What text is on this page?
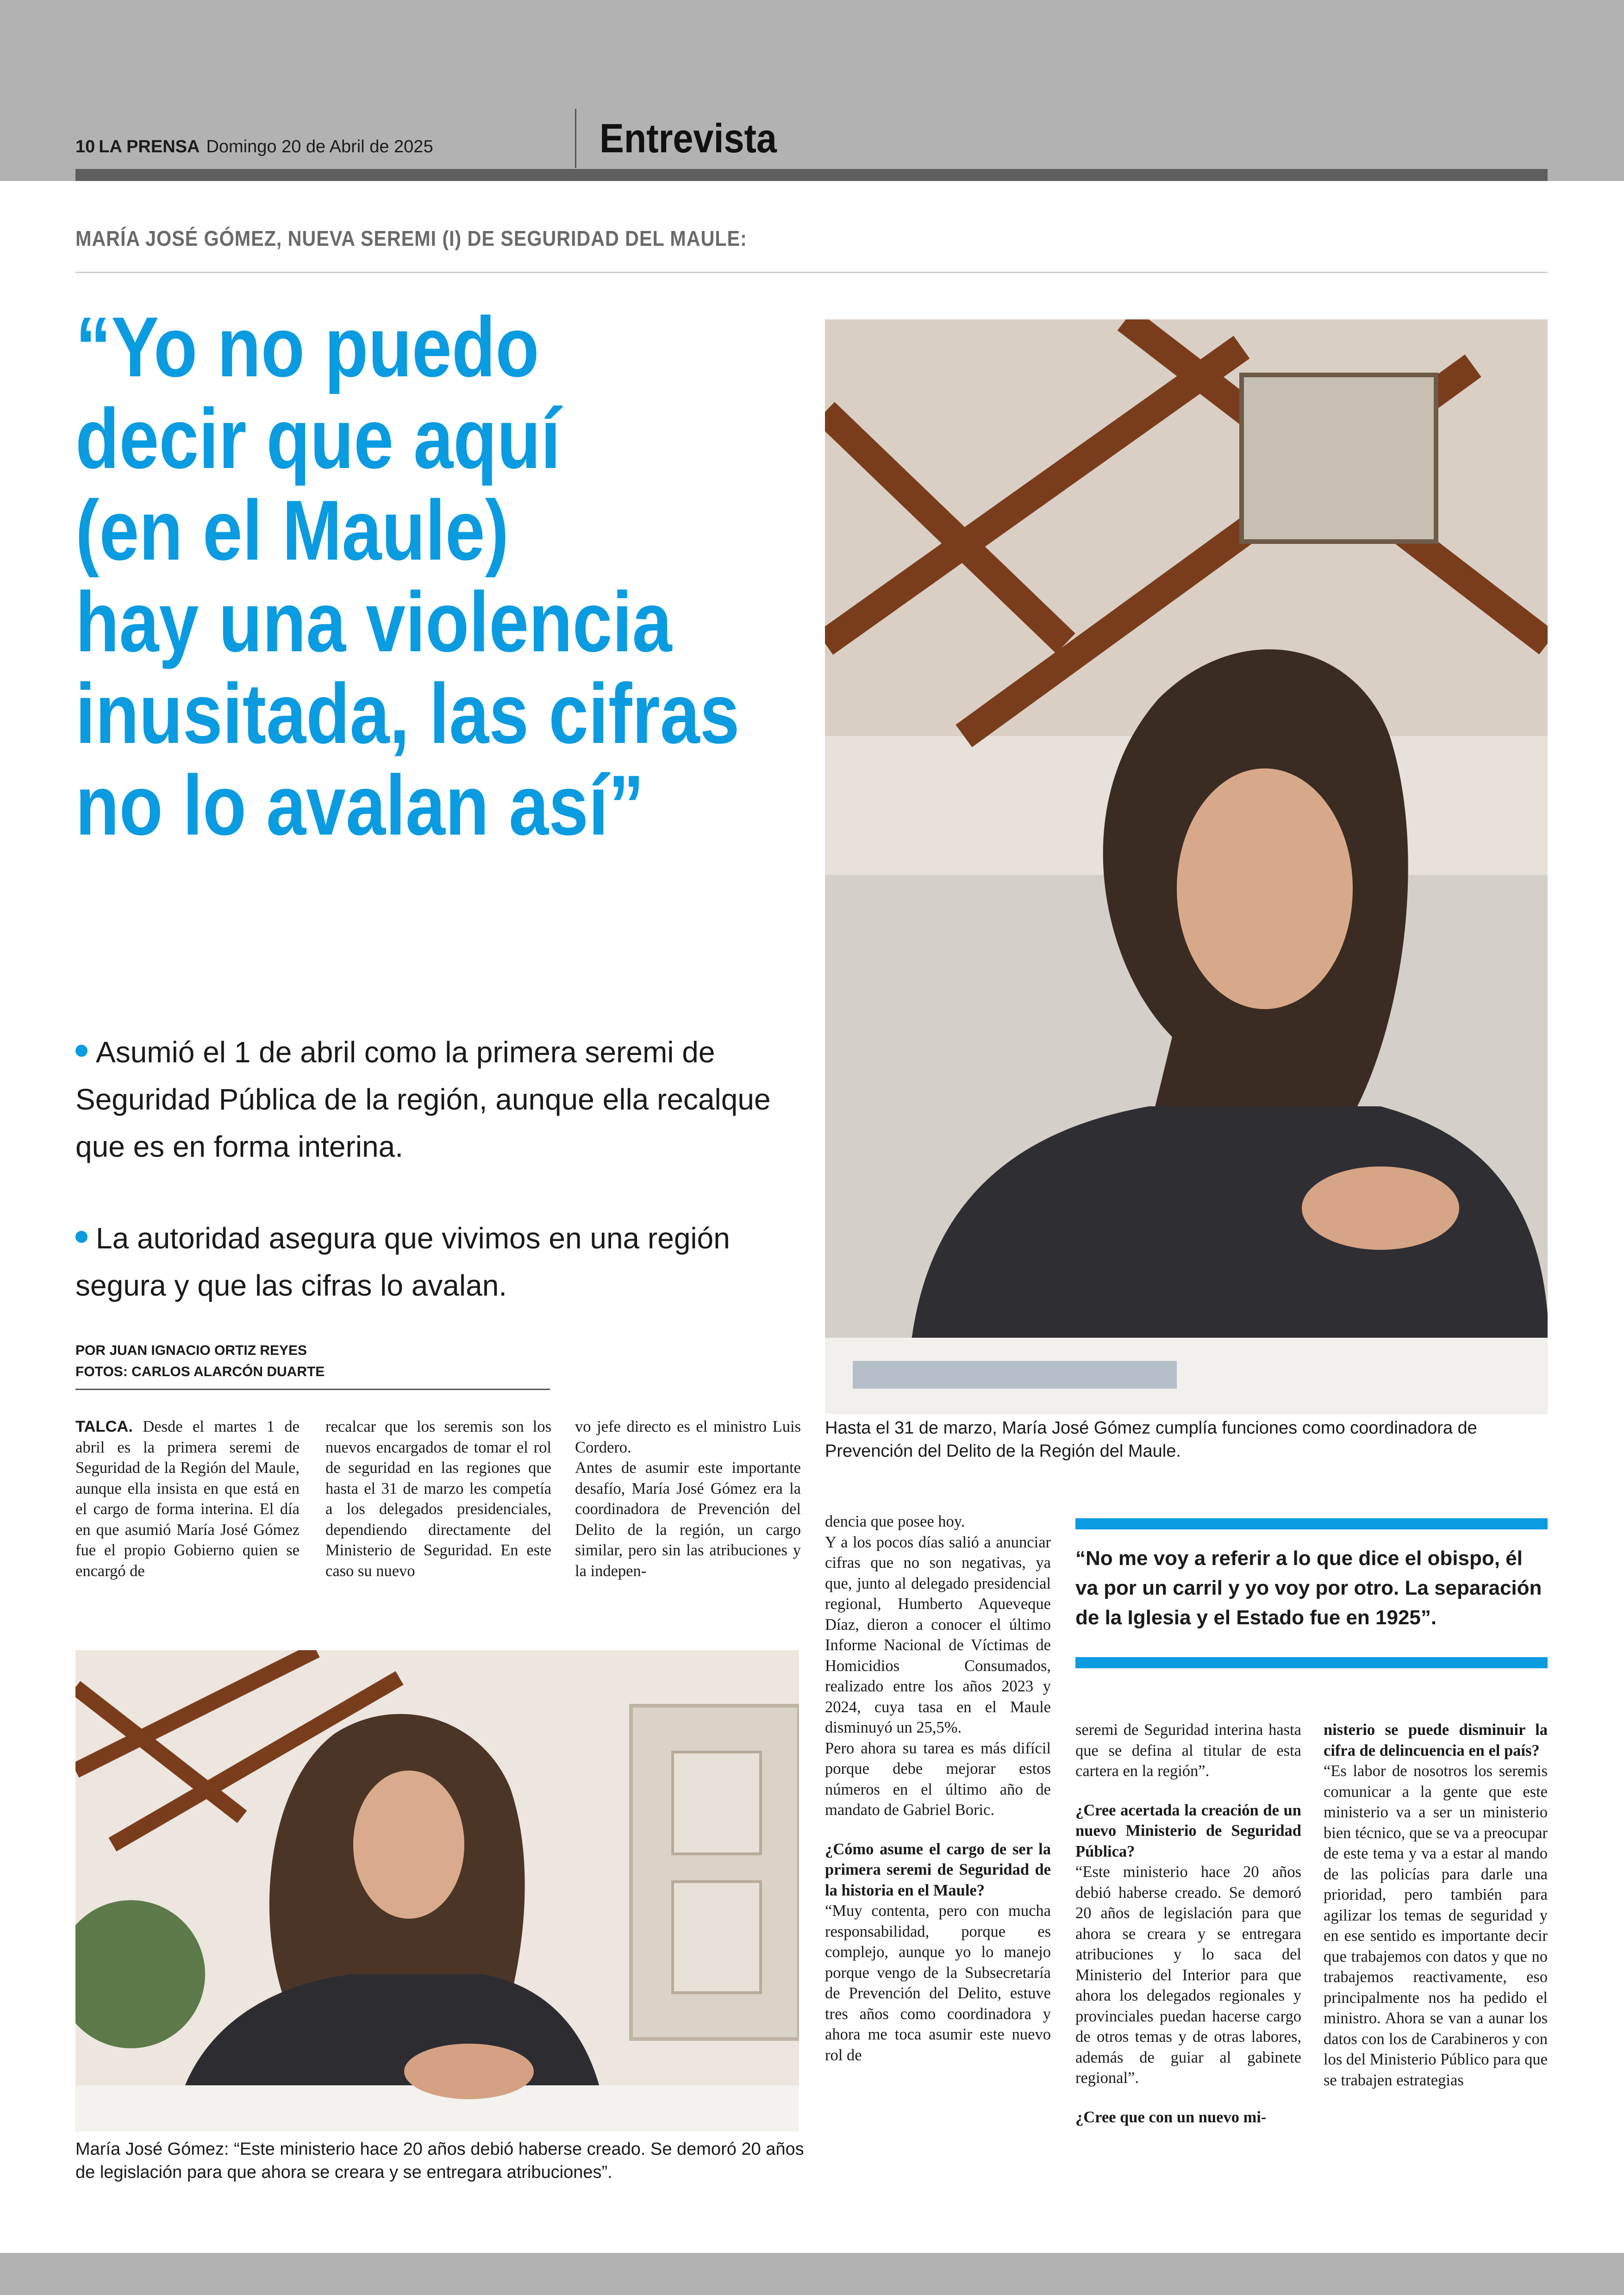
10 LA PRENSA Domingo 20 de Abril de 2025	Entrevista
MARÍA JOSÉ GÓMEZ, NUEVA SEREMI (I) DE SEGURIDAD DEL MAULE:
“Yo no puedo
decir que aquí
(en el Maule)
hay una violencia
inusitada, las cifras
no lo avalan así”

Asumió el 1 de abril como la primera seremi de Seguridad Pública de la región, aunque ella recalque que es en forma interina.

La autoridad asegura que vivimos en una región segura y que las cifras lo avalan.

POR JUAN IGNACIO ORTIZ REYES
FOTOS: CARLOS ALARCÓN DUARTE
Hasta el 31 de marzo, María José Gómez cumplía funciones como coordinadora de Prevención del Delito de la Región del Maule.

TALCA. Desde el martes 1 de abril es la primera seremi de Seguridad de la Región del Maule, aunque ella insista en que está en el cargo de forma interina. El día en que asumió María José Gómez fue el propio Gobierno quien se encargó de

recalcar que los seremis son los nuevos encargados de tomar el rol de seguridad en las regiones que hasta el 31 de marzo les competía a los delegados presidenciales, dependiendo directamente del Ministerio de Seguridad. En este caso su nuevo

vo jefe directo es el ministro Luis Cordero.

Antes de asumir este importante desafío, María José Gómez era la coordinadora de Prevención del Delito de la región, un cargo similar, pero sin las atribuciones y la indepen-

dencia que posee hoy.

Y a los pocos días salió a anunciar cifras que no son negativas, ya que, junto al delegado presidencial regional, Humberto Aqueveque Díaz, dieron a conocer el último Informe Nacional de Víctimas de Homicidios Consumados, realizado entre los años 2023 y 2024, cuya tasa en el Maule disminuyó un 25,5%.

Pero ahora su tarea es más difícil porque debe mejorar estos números en el último año de mandato de Gabriel Boric.

¿Cómo asume el cargo de ser la primera seremi de Seguridad de la historia en el Maule?

“Muy contenta, pero con mucha responsabilidad, porque es complejo, aunque yo lo manejo porque vengo de la Subsecretaría de Prevención del Delito, estuve tres años como coordinadora y ahora me toca asumir este nuevo rol de

seremi de Seguridad interina hasta que se defina al titular de esta cartera en la región”.

¿Cree acertada la creación de un nuevo Ministerio de Seguridad Pública?

“Este ministerio hace 20 años debió haberse creado. Se demoró 20 años de legislación para que ahora se creara y se entregara atribuciones y lo saca del Ministerio del Interior para que ahora los delegados regionales y provinciales puedan hacerse cargo de otros temas y de otras labores, además de guiar al gabinete regional”.

¿Cree que con un nuevo mi-

nisterio se puede disminuir la cifra de delincuencia en el país?

“Es labor de nosotros los seremis comunicar a la gente que este ministerio va a ser un ministerio bien técnico, que se va a preocupar de este tema y va a estar al mando de las policías para darle una prioridad, pero también para agilizar los temas de seguridad y en ese sentido es importante decir que trabajemos con datos y que no trabajemos reactivamente, eso principalmente nos ha pedido el ministro. Ahora se van a aunar los datos con los de Carabineros y con los del Ministerio Público para que se trabajen estrategias

“No me voy a referir a lo que dice el obispo, él va por un carril y yo voy por otro. La separación de la Iglesia y el Estado fue en 1925”.
María José Gómez: “Este ministerio hace 20 años debió haberse creado. Se demoró 20 años de legislación para que ahora se creara y se entregara atribuciones”.
